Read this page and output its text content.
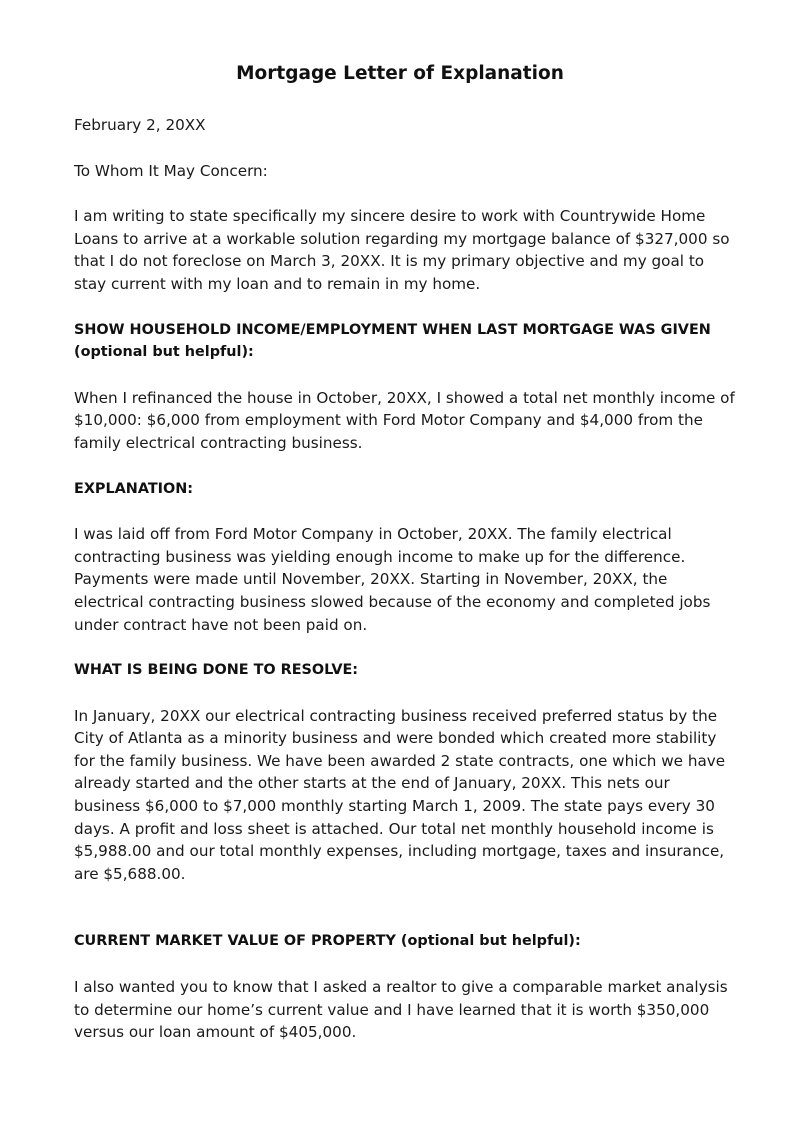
Mortgage Letter of Explanation

February 2, 20XX

To Whom It May Concern:

I am writing to state specifically my sincere desire to work with Countrywide Home Loans to arrive at a workable solution regarding my mortgage balance of $327,000 so that I do not foreclose on March 3, 20XX. It is my primary objective and my goal to stay current with my loan and to remain in my home.

SHOW HOUSEHOLD INCOME/EMPLOYMENT WHEN LAST MORTGAGE WAS GIVEN
(optional but helpful):

When I refinanced the house in October, 20XX, I showed a total net monthly income of $10,000: $6,000 from employment with Ford Motor Company and $4,000 from the family electrical contracting business.

EXPLANATION:

I was laid off from Ford Motor Company in October, 20XX. The family electrical contracting business was yielding enough income to make up for the difference. Payments were made until November, 20XX. Starting in November, 20XX, the electrical contracting business slowed because of the economy and completed jobs under contract have not been paid on.

WHAT IS BEING DONE TO RESOLVE:

In January, 20XX our electrical contracting business received preferred status by the City of Atlanta as a minority business and were bonded which created more stability for the family business. We have been awarded 2 state contracts, one which we have already started and the other starts at the end of January, 20XX. This nets our business $6,000 to $7,000 monthly starting March 1, 2009. The state pays every 30 days. A profit and loss sheet is attached. Our total net monthly household income is $5,988.00 and our total monthly expenses, including mortgage, taxes and insurance, are $5,688.00.

CURRENT MARKET VALUE OF PROPERTY (optional but helpful):

I also wanted you to know that I asked a realtor to give a comparable market analysis to determine our home’s current value and I have learned that it is worth $350,000 versus our loan amount of $405,000.
